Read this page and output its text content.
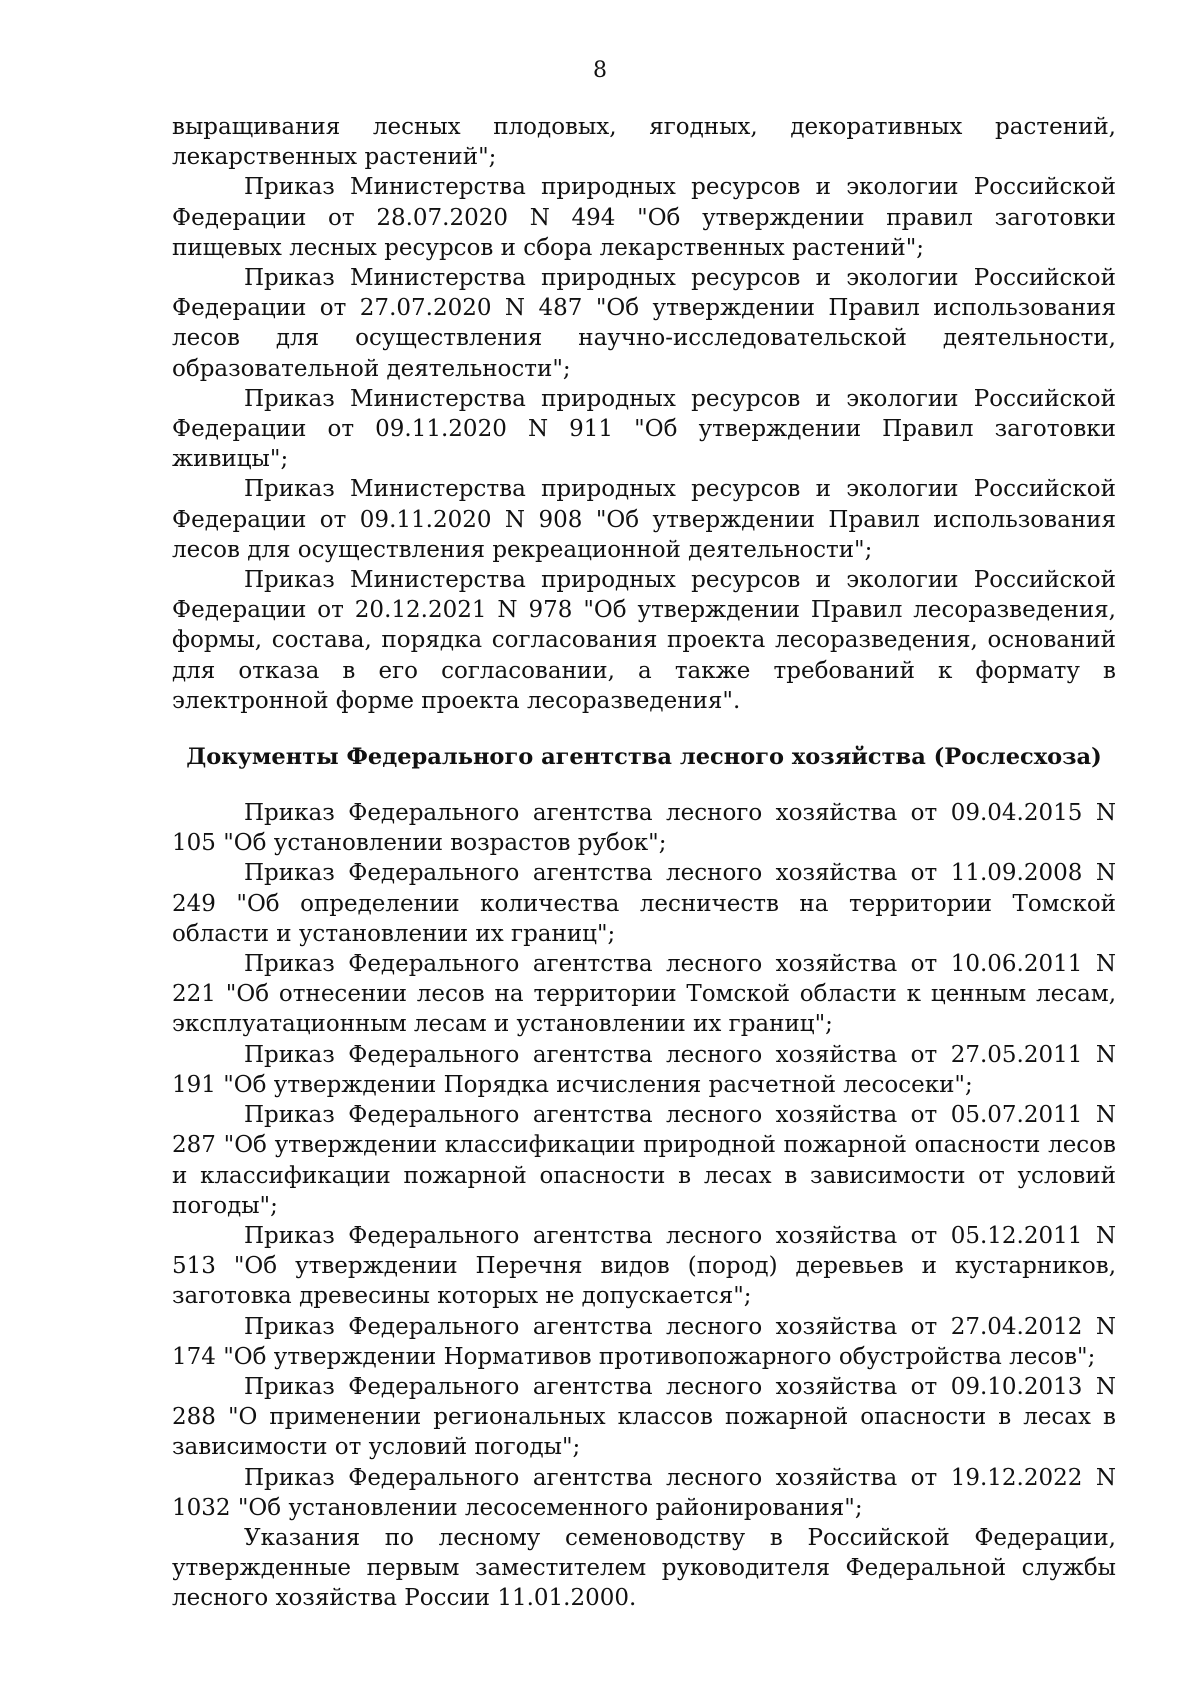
8

выращивания лесных плодовых, ягодных, декоративных растений, лекарственных растений";

Приказ Министерства природных ресурсов и экологии Российской Федерации от 28.07.2020 N 494 "Об утверждении правил заготовки пищевых лесных ресурсов и сбора лекарственных растений";

Приказ Министерства природных ресурсов и экологии Российской Федерации от 27.07.2020 N 487 "Об утверждении Правил использования лесов для осуществления научно-исследовательской деятельности, образовательной деятельности";

Приказ Министерства природных ресурсов и экологии Российской Федерации от 09.11.2020 N 911 "Об утверждении Правил заготовки живицы";

Приказ Министерства природных ресурсов и экологии Российской Федерации от 09.11.2020 N 908 "Об утверждении Правил использования лесов для осуществления рекреационной деятельности";

Приказ Министерства природных ресурсов и экологии Российской Федерации от 20.12.2021 N 978 "Об утверждении Правил лесоразведения, формы, состава, порядка согласования проекта лесоразведения, оснований для отказа в его согласовании, а также требований к формату в электронной форме проекта лесоразведения".

Документы Федерального агентства лесного хозяйства (Рослесхоза)

Приказ Федерального агентства лесного хозяйства от 09.04.2015 N 105 "Об установлении возрастов рубок";

Приказ Федерального агентства лесного хозяйства от 11.09.2008 N 249 "Об определении количества лесничеств на территории Томской области и установлении их границ";

Приказ Федерального агентства лесного хозяйства от 10.06.2011 N 221 "Об отнесении лесов на территории Томской области к ценным лесам, эксплуатационным лесам и установлении их границ";

Приказ Федерального агентства лесного хозяйства от 27.05.2011 N 191 "Об утверждении Порядка исчисления расчетной лесосеки";

Приказ Федерального агентства лесного хозяйства от 05.07.2011 N 287 "Об утверждении классификации природной пожарной опасности лесов и классификации пожарной опасности в лесах в зависимости от условий погоды";

Приказ Федерального агентства лесного хозяйства от 05.12.2011 N 513 "Об утверждении Перечня видов (пород) деревьев и кустарников, заготовка древесины которых не допускается";

Приказ Федерального агентства лесного хозяйства от 27.04.2012 N 174 "Об утверждении Нормативов противопожарного обустройства лесов";

Приказ Федерального агентства лесного хозяйства от 09.10.2013 N 288 "О применении региональных классов пожарной опасности в лесах в зависимости от условий погоды";

Приказ Федерального агентства лесного хозяйства от 19.12.2022 N 1032 "Об установлении лесосеменного районирования";

Указания по лесному семеноводству в Российской Федерации, утвержденные первым заместителем руководителя Федеральной службы лесного хозяйства России 11.01.2000.
